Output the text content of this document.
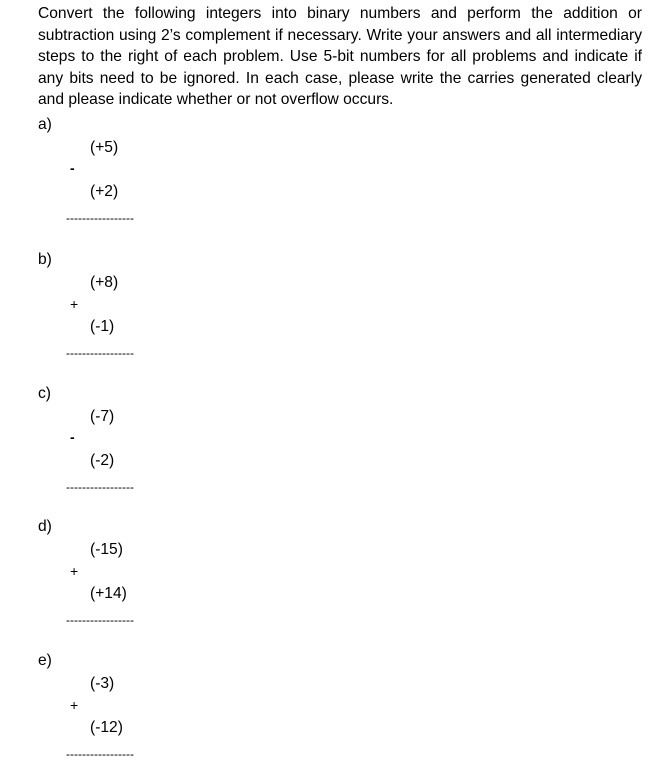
Convert the following integers into binary numbers and perform the addition or subtraction using 2’s complement if necessary. Write your answers and all intermediary steps to the right of each problem. Use 5-bit numbers for all problems and indicate if any bits need to be ignored. In each case, please write the carries generated clearly and please indicate whether or not overflow occurs.
a)
(+5)
-
(+2)
-----------------
b)
(+8)
+
(-1)
-----------------
c)
(-7)
-
(-2)
-----------------
d)
(-15)
+
(+14)
-----------------
e)
(-3)
+
(-12)
-----------------
